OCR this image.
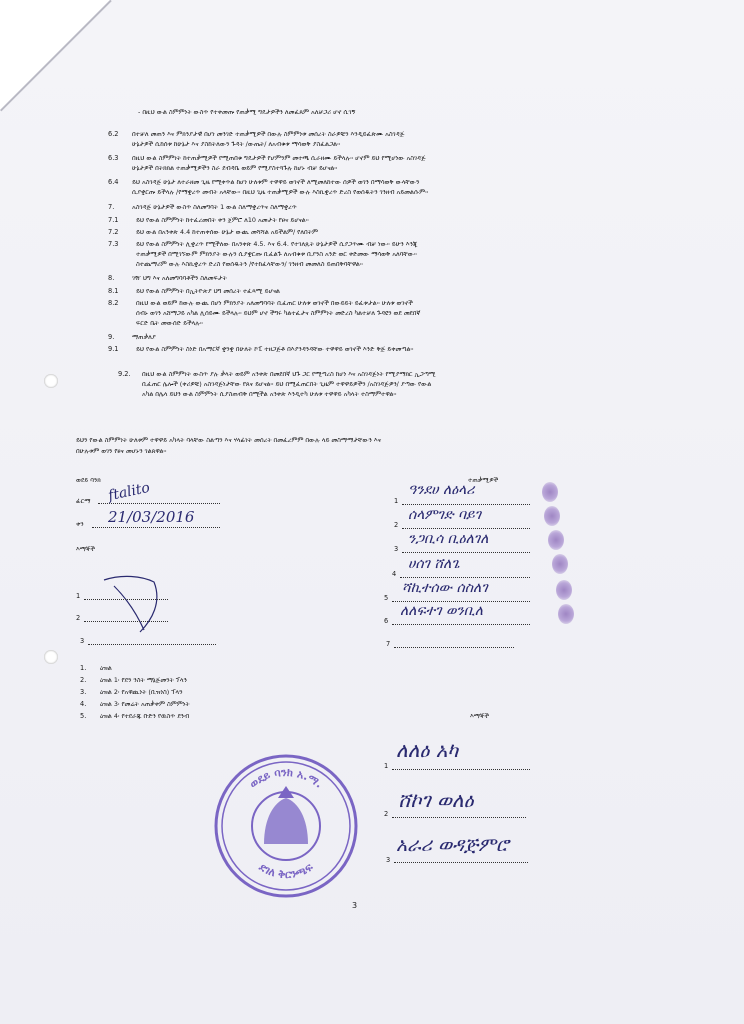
- በዚህ ውል ስምምነት ውስጥ የተቀመጡ የጠቃሚ ግዴታዎችን ለመፈጸም አለቻጋሪ ሆኖ ሲገኝ
6.2 በተቻለ መጠን እና ምክንያታዊ በሆነ መንገድ ተጠቃሚዎች በውሉ ስምምነቱ መሰረት ስራዎቹን እንዲይፈጽሙ አስገዳጅ
ሁኔታዎች ሲከሰቱ ከሁኔታ እና ያስከትለውን ጉዳት /ውጤት/ ለአብቁቱ ማሳወቅ ያስፈልጋል፡፡
6.3 በዚህ ውል ስምምነት ከተጠቃሚዎች የሚጠበቁ ግዴታዎች የሆምንም መተጫ ሲራዘሙ ይችላሉ፡፡ ሆኖም ይህ የሚሆነው አስገዳጅ
ሁኔታዎች በትክክል ተጠቃሚዎችን ስራ ደብዳቤ ወይም የሚያስተጓጉሉ ከሆኑ ብቻ ይሆናል፡፡
6.4 ይህ አስገዳጅ ሁኔታ ለተራዘመ ጊዜ የሚቀጥል ከሆነ ሁለቱም ተዋዋይ ወገኖች ለሚመለከተው ሰዎች ወገን በማሳወቅ ውላቸውን
ሲያቋርጡ ይችላሉ /የማቋረጥ መብት አላቸው፡፡ በዚህ ጊዜ ተጠቃሚዎች ውሉ እስኪቋረጥ ድረስ የወሰዱትን ገንዘብ አይመልሱም፡፡
7.	አስገዳጅ ሁኔታዎች ውስጥ ስለመግባት 1 ውል ስለማቋረጥና ስለማቋረጥ
7.1	ይህ የውል ስምምነት ከተፈረመበት ቀን ጀምሮ ለ10 አመታት የፀና ይሆናል፡፡
7.2	ይህ ውል በአንቀጽ 4.4 ከተጠቀሰው ሁኔታ ውጪ መሻሻል አይችልም/ የለበትም
7.3	ይህ የውል ስምምነት ሊቋረጥ የሚችለው በአንቀጽ 4.5. እና 6.4. የተገለጹት ሁኔታዎች ሲያጋጥሙ ብቻ ነው፡፡ ይሁን እንጂ
ተጠቃሚዎች በሚገኘውም ምክንያት ውሉን ሲያቋርጡ ቢፈልጉ ለአብቁቱ ቢያንስ አንድ ወር ቀድመው ማሳወቅ አለባቸው፡፡
ስተጨማሪም ውሉ እስኪቋረጥ ድረስ የወሰዱትን /የተከፈላቸውን/ ገንዘብ መመለስ ይጠበቅባቸዋል፡፡
8.	ገዥ ህግ እና አለመግባባቶችን ስለመፍታት
8.1	ይህ የውል ስምምነት በኢትዮጵያ ህግ መሰረት ተፈጻሚ ይሆናል
8.2	በዚህ ውል ወይም ከውሉ ውጪ በሆነ ምክንያት አለመግባባት ቢፈጠር ሁለቱ ወገኖች በውይይት ይፈቱታል፡፡ ሁለቱ ወገኖች
ሰብኑ ወገን አሸማጋይ አካል ሊሰይሙ ይችላሉ፡፡ ይህም ሆኖ ችግሩ ካልተፈታና ስምምነት መድረስ ካልተቻለ ጉዳዩን ወደ መደበኛ
ፍርድ ቤት መውሰድ ይችላሉ፡፡
9.	ማጠቃለያ
9.1	ይህ የውል ስምምነት ስነድ በአማርኛ ቋንቋ በሁለት ኮፒ ተዘጋጅቶ በእያንዳንዳቸው ተዋዋይ ወገኖች እንድ ቅጅ ይቀመጣል፡፡
9.2. በዚህ ውል ስምምነት ውስጥ ያሉ ቃላት ወይም አንቀጽ በመደበኛ ህጉ ጋር የሚጣረስ ከሆነ እና አስገዳጅነት የሚያማክር ኢጋጣሚ
ቢፈጠር ሌሎች (ቀሪዎቹ) አስገዳጅነታቸው የጸና ይሆናል፡፡ ይህ በሚፈጠርበት ጊዜም ተዋዋይዎችን /አስገዳጅዎን/ ያጣው የውል
አካል በሌላ ይህን ውል ስምምነት ሲያስጠብቅ በሚችል አንቀጽ እንዲተካ ሁለቱ ተዋዋይ አካላት ተስማምተዋል፡፡
ይህን የውል ስምምነት ሁለቱም ተዋዋይ አካላት ባላቸው ስልጣን እና ሃላፊነት መሰረት በመፈረምም በውሉ ላይ መስማማታቸውን እና
በሁሉቱም ወገን የፀና መሆኑን ገልጸዋል፡፡
ወደይ ባንክ
ፊርማ ftalito
ቀን 21/03/2016
እማኞች
1
2
3
ተጠቃሚዎች
1
ዓንደሀ ለዕላሪ
2
ሰላምገድ ባይገ
3
ንጋቢሳ ቢዕለገለ
4
ሀሰገ ሸለጌ
5
ሻኪተሰው ሰስለገ
6
ለለፍተገ ወንቢለ
7
1. ዕዝል
2. ዕዝል 1፡ የደን ንስት ማኔጅመንት ፕላን
3. ዕዝል 2፡ የአዋጪነት (ቢዝነስ) ፕላን
4. ዕዝል 3፡ የመሬት አጠቃቀም ስምምነት
5. ዕዝል 4፡ የተደራጁ ቡድን የዉስጥ ደንብ	እማኞች
1
ለለዕ አካ
2
ሸኮገ ወለዕ
3
አራሪ ወዳጅምሮ
ወደይ ባንክ አ.ማ.
ደገለ ቅርንጫፍ
3
